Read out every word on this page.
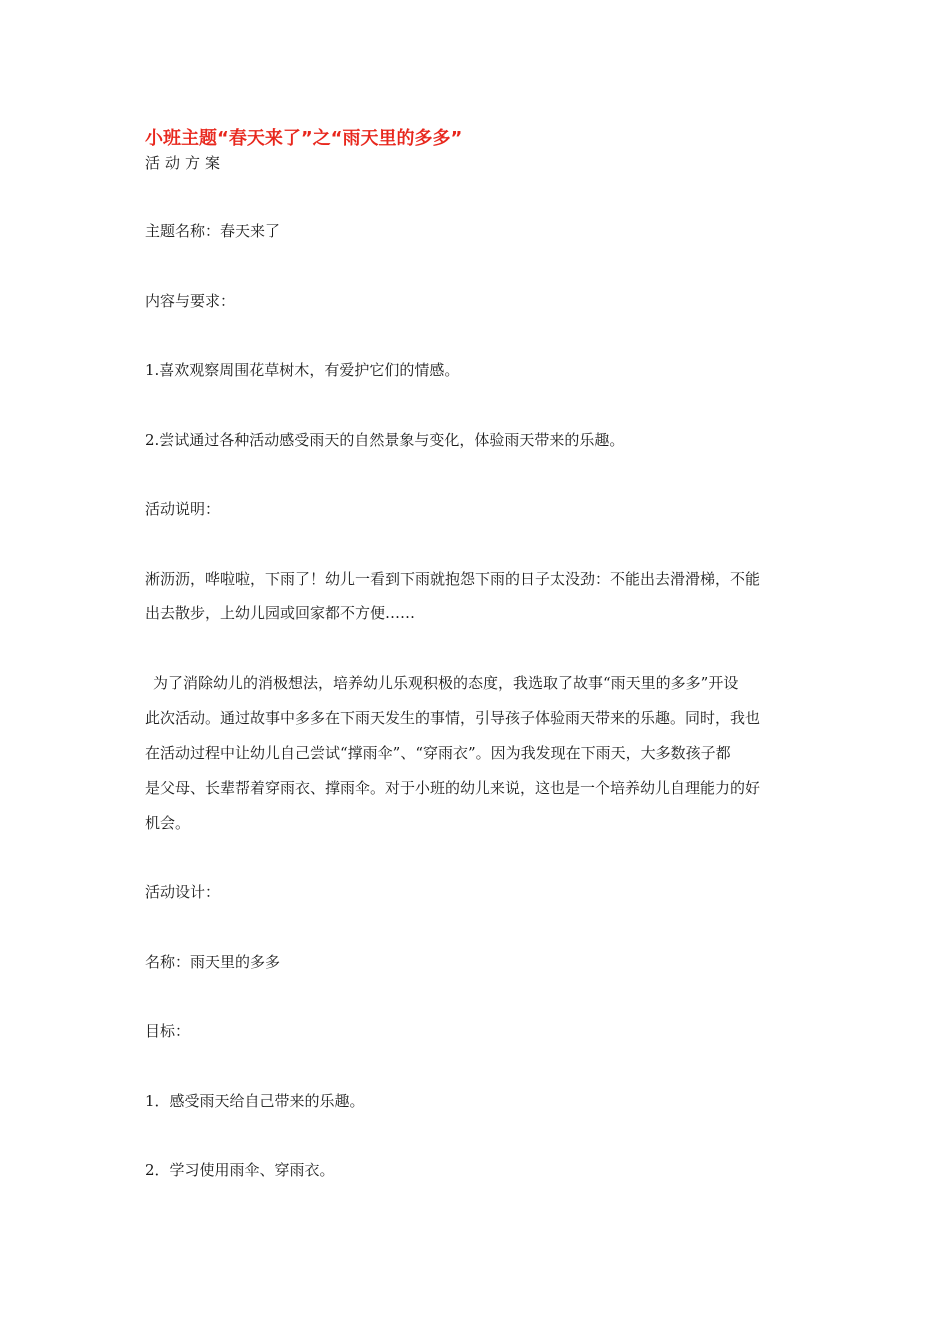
小班主题“春天来了”之“雨天里的多多”
活动方案
主题名称：春天来了
内容与要求：
1.喜欢观察周围花草树木，有爱护它们的情感。
2.尝试通过各种活动感受雨天的自然景象与变化，体验雨天带来的乐趣。
活动说明：
淅沥沥，哗啦啦，下雨了！幼儿一看到下雨就抱怨下雨的日子太没劲：不能出去滑滑梯，不能
出去散步，上幼儿园或回家都不方便……
为了消除幼儿的消极想法，培养幼儿乐观积极的态度，我选取了故事“雨天里的多多”开设
此次活动。通过故事中多多在下雨天发生的事情，引导孩子体验雨天带来的乐趣。同时，我也
在活动过程中让幼儿自己尝试“撑雨伞”、“穿雨衣”。因为我发现在下雨天，大多数孩子都
是父母、长辈帮着穿雨衣、撑雨伞。对于小班的幼儿来说，这也是一个培养幼儿自理能力的好
机会。
活动设计：
名称：雨天里的多多
目标：
1．感受雨天给自己带来的乐趣。
2．学习使用雨伞、穿雨衣。
